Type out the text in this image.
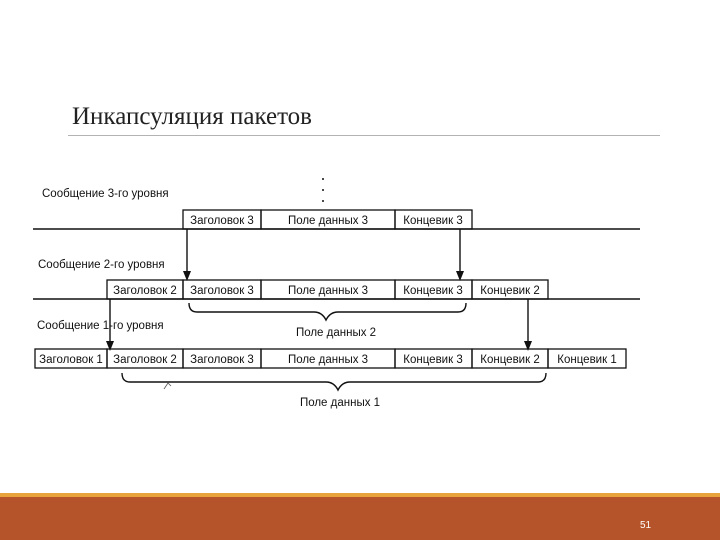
Инкапсуляция пакетов
Сообщение 3-го уровня
Заголовок 3	Поле данных 3	Концевик 3
Сообщение 2-го уровня
Заголовок 2 Заголовок 3	Поле данных 3	Концевик 3 Концевик 2
Поле данных 2
Сообщение 1-го уровня
Заголовок 1 Заголовок 2 Заголовок 3	Поле данных 3	Концевик 3 Концевик 2 Концевик 1
Поле данных 1
51
